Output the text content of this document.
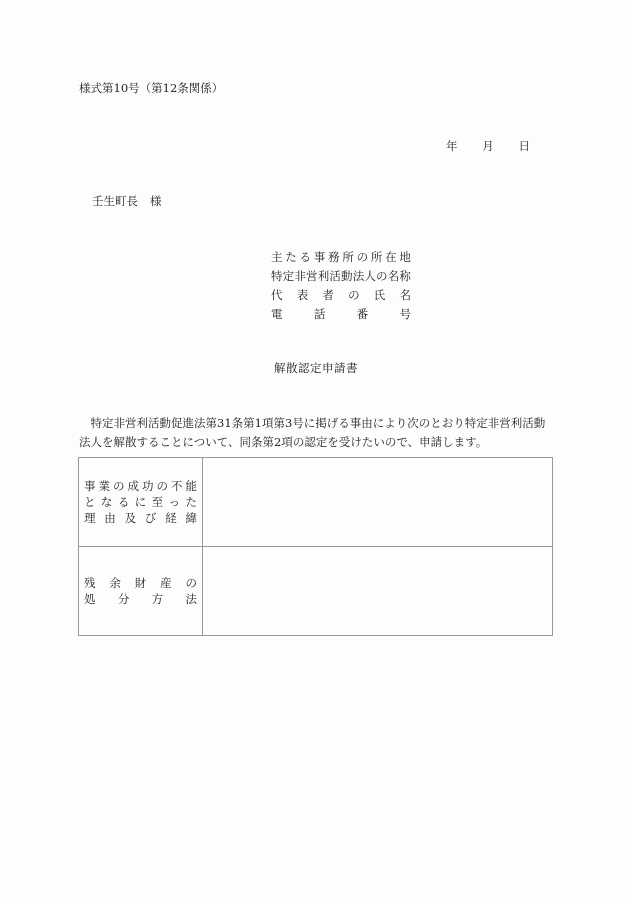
様式第10号（第12条関係）
年 月 日
壬生町長 様
主 た る 事 務 所 の 所 在 地
特 定 非 営 利 活 動 法 人 の 名 称
代 表 者 の 氏 名
電	話	番	号
解散認定申請書

特定非営利活動促進法第31条第1項第3号に掲げる事由により次のとおり特定非営利活動

法人を解散することについて、同条第2項の認定を受けたいので、申請します。

事 業 の 成 功 の 不 能
と な る に 至 っ た
理 由 及 び 経 緯

残 余 財 産 の
処 分 方 法
